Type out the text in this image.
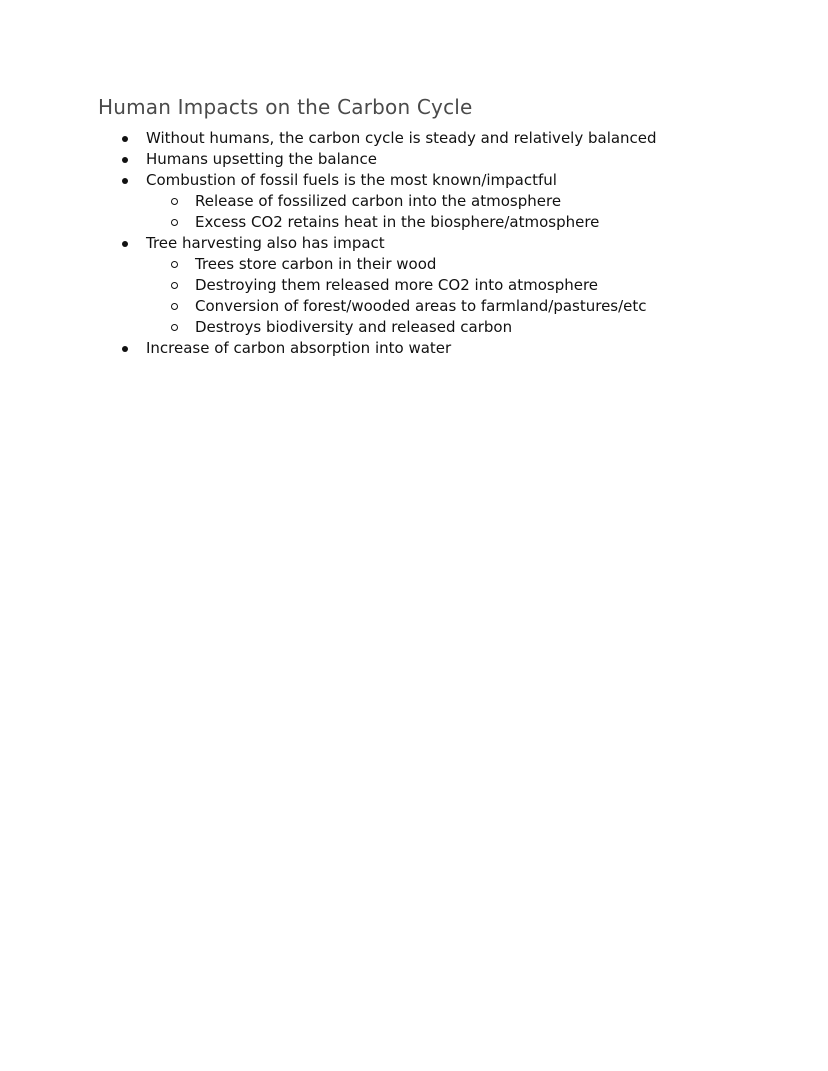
Human Impacts on the Carbon Cycle
Without humans, the carbon cycle is steady and relatively balanced
Humans upsetting the balance
Combustion of fossil fuels is the most known/impactful
Release of fossilized carbon into the atmosphere
Excess CO2 retains heat in the biosphere/atmosphere
Tree harvesting also has impact
Trees store carbon in their wood
Destroying them released more CO2 into atmosphere
Conversion of forest/wooded areas to farmland/pastures/etc
Destroys biodiversity and released carbon
Increase of carbon absorption into water
